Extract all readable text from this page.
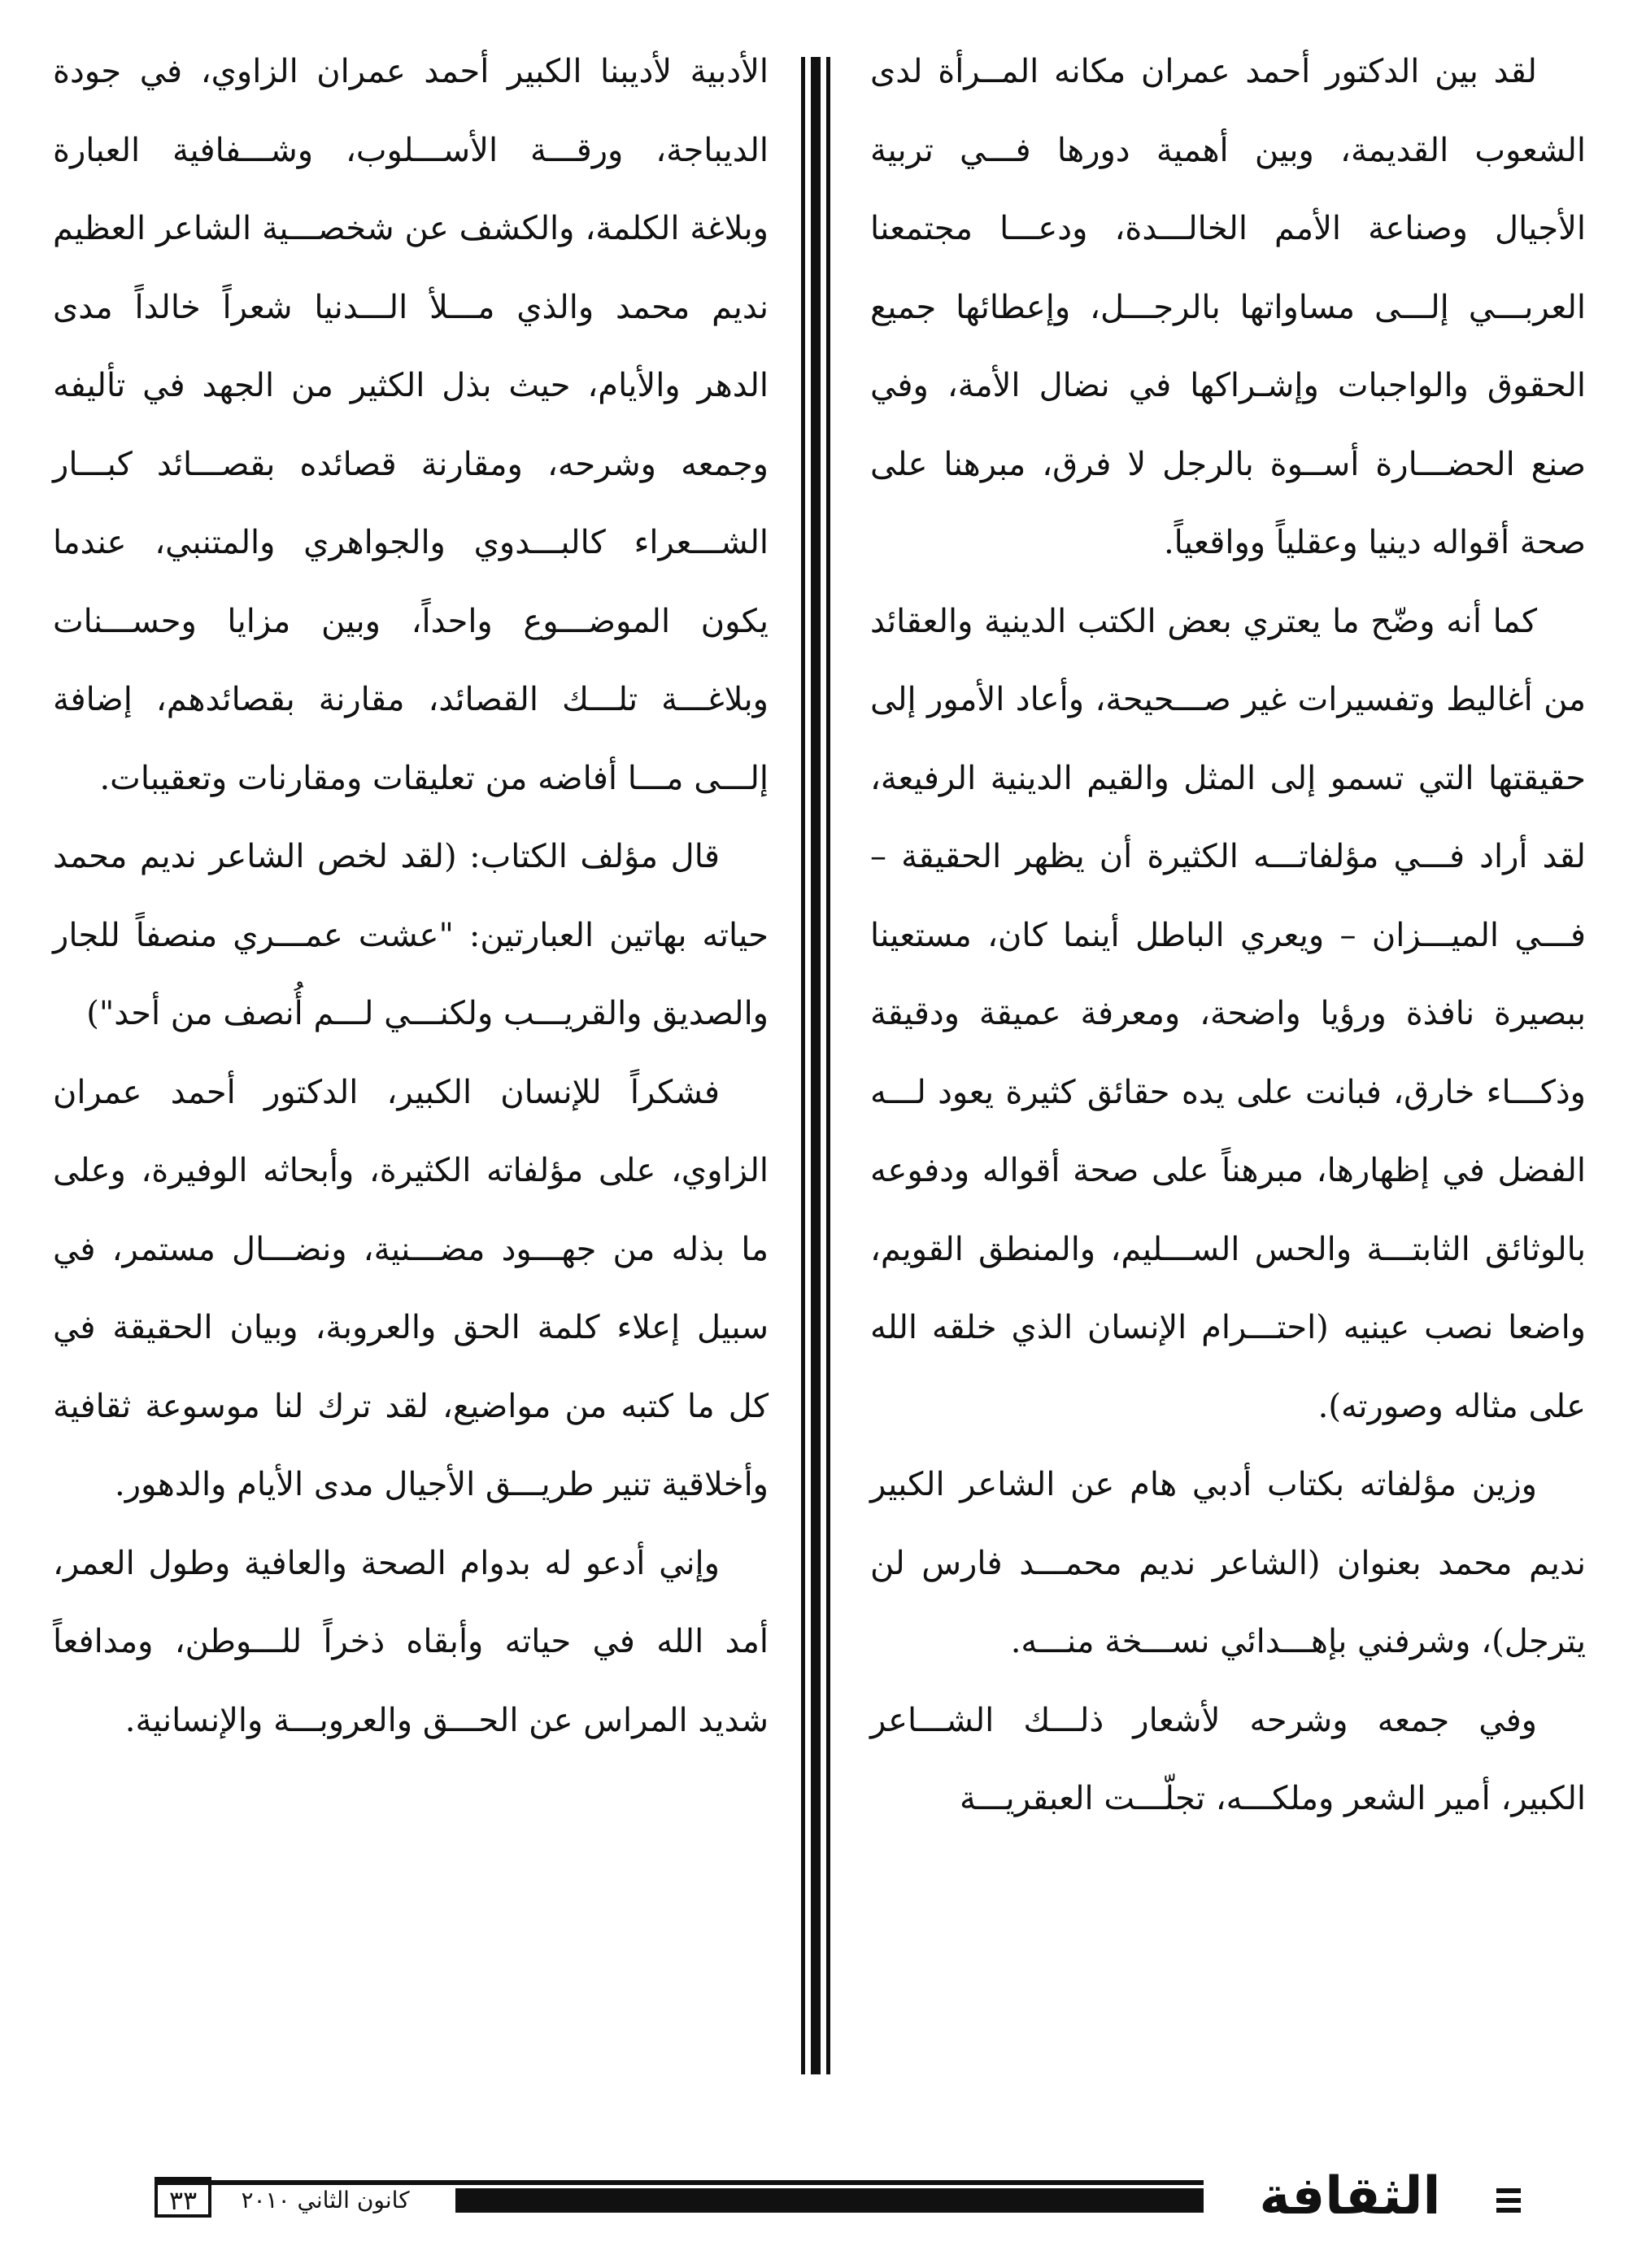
لقد بين الدكتور أحمد عمران مكانه المــرأة لدى الشعوب القديمة، وبين أهمية دورها فـــي تربية الأجيال وصناعة الأمم الخالـــدة، ودعـــا مجتمعنا العربـــي إلـــى مساواتها بالرجـــل، وإعطائها جميع الحقوق والواجبات وإشـراكها في نضال الأمة، وفي صنع الحضـــارة أســوة بالرجل لا فرق، مبرهنا على صحة أقواله دينيا وعقلياً وواقعياً.

كما أنه وضّح ما يعتري بعض الكتب الدينية والعقائد من أغاليط وتفسيرات غير صـــحيحة، وأعاد الأمور إلى حقيقتها التي تسمو إلى المثل والقيم الدينية الرفيعة، لقد أراد فـــي مؤلفاتـــه الكثيرة أن يظهر الحقيقة – فـــي الميـــزان – ويعري الباطل أينما كان، مستعينا ببصيرة نافذة ورؤيا واضحة، ومعرفة عميقة ودقيقة وذكـــاء خارق، فبانت على يده حقائق كثيرة يعود لـــه الفضل في إظهارها، مبرهناً على صحة أقواله ودفوعه بالوثائق الثابتـــة والحس الســـليم، والمنطق القويم، واضعا نصب عينيه (احتـــرام الإنسان الذي خلقه الله على مثاله وصورته).

وزين مؤلفاته بكتاب أدبي هام عن الشاعر الكبير نديم محمد بعنوان (الشاعر نديم محمـــد فارس لن يترجل)، وشرفني بإهـــدائي نســـخة منـــه.

وفي جمعه وشرحه لأشعار ذلـــك الشـــاعر الكبير، أمير الشعر وملكـــه، تجلّـــت العبقريـــة

الأدبية لأديبنا الكبير أحمد عمران الزاوي، في جودة الديباجة، ورقـــة الأســـلوب، وشـــفافية العبارة وبلاغة الكلمة، والكشف عن شخصـــية الشاعر العظيم نديم محمد والذي مـــلأ الـــدنيا شعراً خالداً مدى الدهر والأيام، حيث بذل الكثير من الجهد في تأليفه وجمعه وشرحه، ومقارنة قصائده بقصـــائد كبـــار الشـــعراء كالبـــدوي والجواهري والمتنبي، عندما يكون الموضـــوع واحداً، وبين مزايا وحســـنات وبلاغـــة تلـــك القصائد، مقارنة بقصائدهم، إضافة إلـــى مـــا أفاضه من تعليقات ومقارنات وتعقيبات.

قال مؤلف الكتاب: (لقد لخص الشاعر نديم محمد حياته بهاتين العبارتين: "عشت عمـــري منصفاً للجار والصديق والقريـــب ولكنـــي لـــم أُنصف من أحد")

فشكراً للإنسان الكبير، الدكتور أحمد عمران الزاوي، على مؤلفاته الكثيرة، وأبحاثه الوفيرة، وعلى ما بذله من جهـــود مضـــنية، ونضـــال مستمر، في سبيل إعلاء كلمة الحق والعروبة، وبيان الحقيقة في كل ما كتبه من مواضيع، لقد ترك لنا موسوعة ثقافية وأخلاقية تنير طريـــق الأجيال مدى الأيام والدهور.

وإني أدعو له بدوام الصحة والعافية وطول العمر، أمد الله في حياته وأبقاه ذخراً للـــوطن، ومدافعاً شديد المراس عن الحـــق والعروبـــة والإنسانية.

الثقافة
كانون الثاني ٢٠١٠
٣٣
